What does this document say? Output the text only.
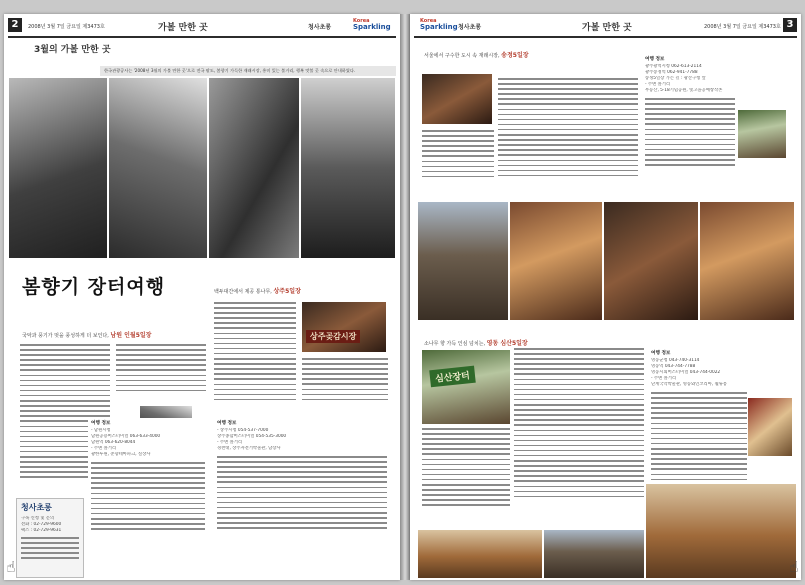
2	2008년 3월 7일 금요일 제3473호	가볼 만한 곳	청사초롱
Korea
Sparkling
3월의 가볼 만한 곳
한국관광공사는 '2008년 3월의 가볼 만한 곳'으로 전국 팔도, 봄향기 가득한 재래시장, 흥미 있는 볼거리, 행복 맛볼 곳 속으로 안내하였다.
봄향기 장터여행
국악과 풍기가 멋을 풍성하게 더 보인다, 남원 인월5일장
여행 정보
- 남원시청
남원공용버스터미널 063-633-4000
남원역 063-620-8044
- 주변 볼거리
광한루원, 춘향테마파크, 실상사
청사초롱
구독 신청 및 문의
전화 : 02-729-9600
팩스 : 02-729-9631
백두대간에서 제공 통나무, 상주5일장
상주곶감시장
여행 정보
- 상주시청 054-537-7000
상주종합버스터미널 054-535-3000
- 주변 볼거리
경천대, 상주자전거박물관, 남장사
☝
Korea
Sparkling 청사초롱	가볼 만한 곳	2008년 3월 7일 금요일 제3473호 3
서울에서 구수한 도시 속 재래시장, 송정5일장
여행 정보
광주광역시청 062-613-2114
광주송정역 062-941-7788
송정5일장 가는 길 : 광산구청 앞
- 주변 볼거리
무등산, 5·18기념공원, 빛고을공예창작촌
소나무 향 가득 인심 넘치는, 영동 심산5일장
심산장터
여행 정보
영동군청 043-740-3114
영동역 043-744-7788
영동시외버스터미널 043-744-0022
- 주변 볼거리
난계국악박물관, 영동와인코리아, 월류봉
☝
